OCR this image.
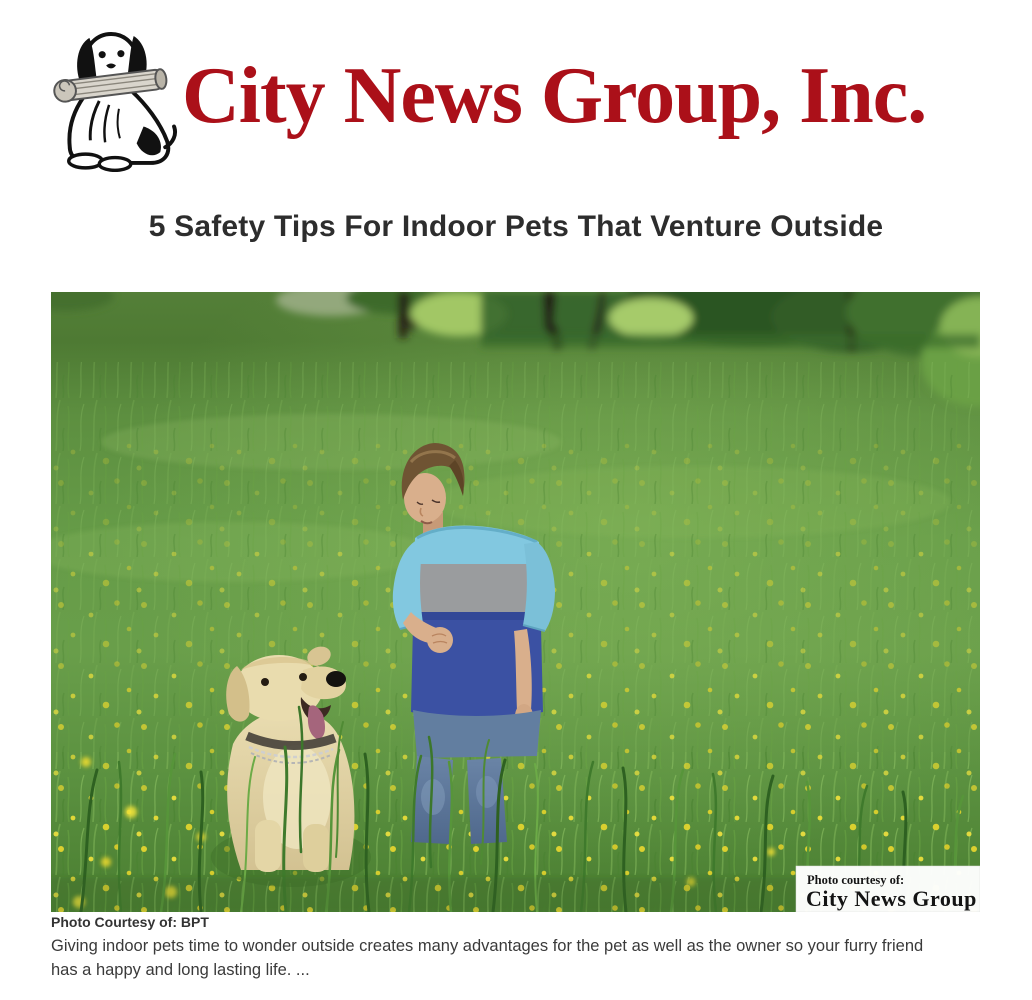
City News Group, Inc.
5 Safety Tips For Indoor Pets That Venture Outside
Photo courtesy of:
City News Group
Photo Courtesy of: BPT

Giving indoor pets time to wonder outside creates many advantages for the pet as well as the owner so your furry friend has a happy and long lasting life. ...
